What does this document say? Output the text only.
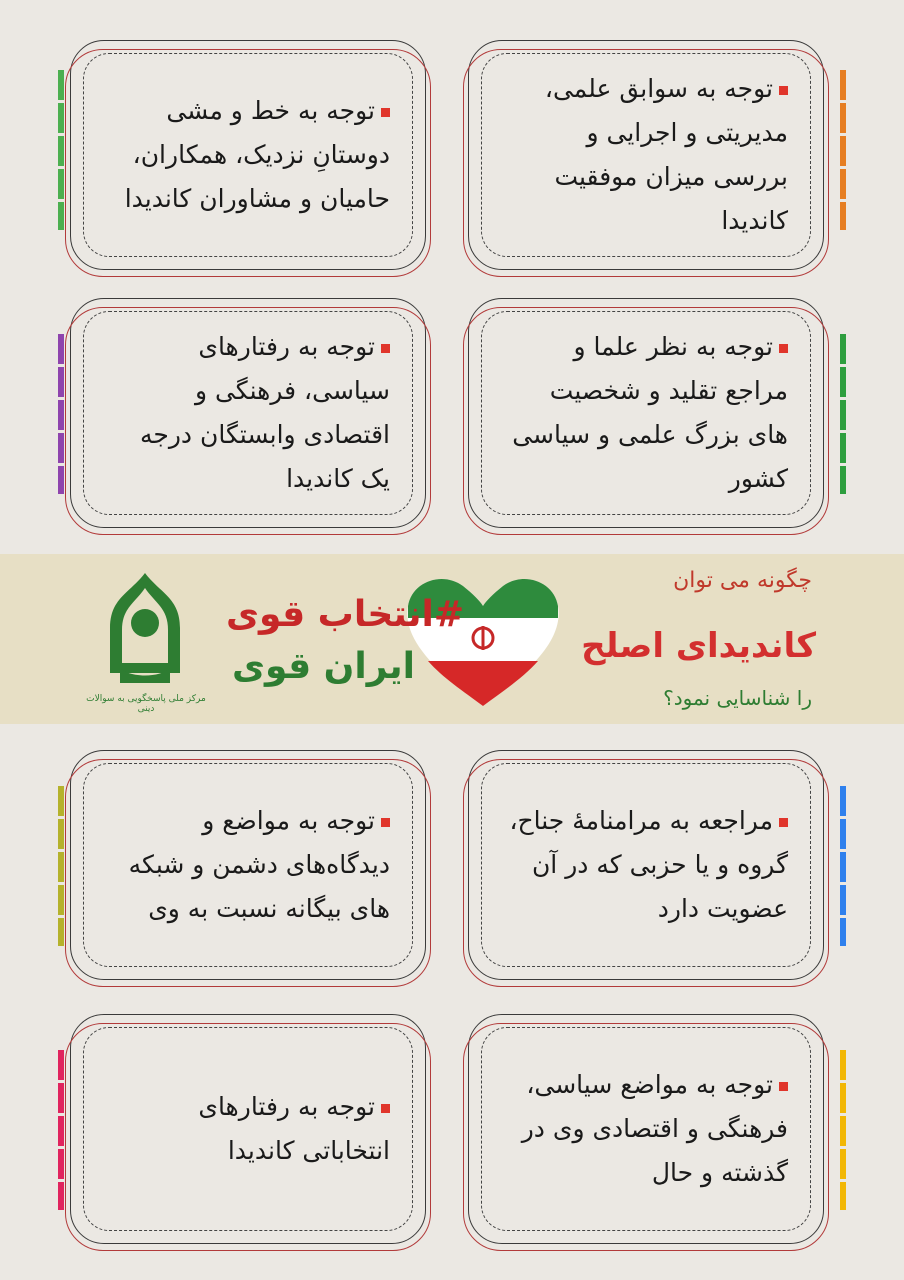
توجه به سوابق علمی، مدیریتی و اجرایی و بررسی میزان موفقیت کاندیدا
توجه به خط و مشی دوستانِ نزدیک، همکاران، حامیان و مشاوران کاندیدا
توجه به نظر علما و مراجع تقلید و شخصیت های بزرگ علمی و سیاسی کشور
توجه به رفتارهای سیاسی، فرهنگی و اقتصادی وابستگان درجه یک کاندیدا
چگونه می توان
کاندیدای اصلح
را شناسایی نمود؟
#انتخاب قوی
ایران قوی
مرکز ملی پاسخگویی به سوالات دینی
مراجعه به مرامنامهٔ جناح، گروه و یا حزبی که در آن عضویت دارد
توجه به مواضع و دیدگاه‌های دشمن و شبکه های بیگانه نسبت به وی
توجه به مواضع سیاسی، فرهنگی و اقتصادی وی در گذشته و حال
توجه به رفتارهای انتخاباتی کاندیدا
